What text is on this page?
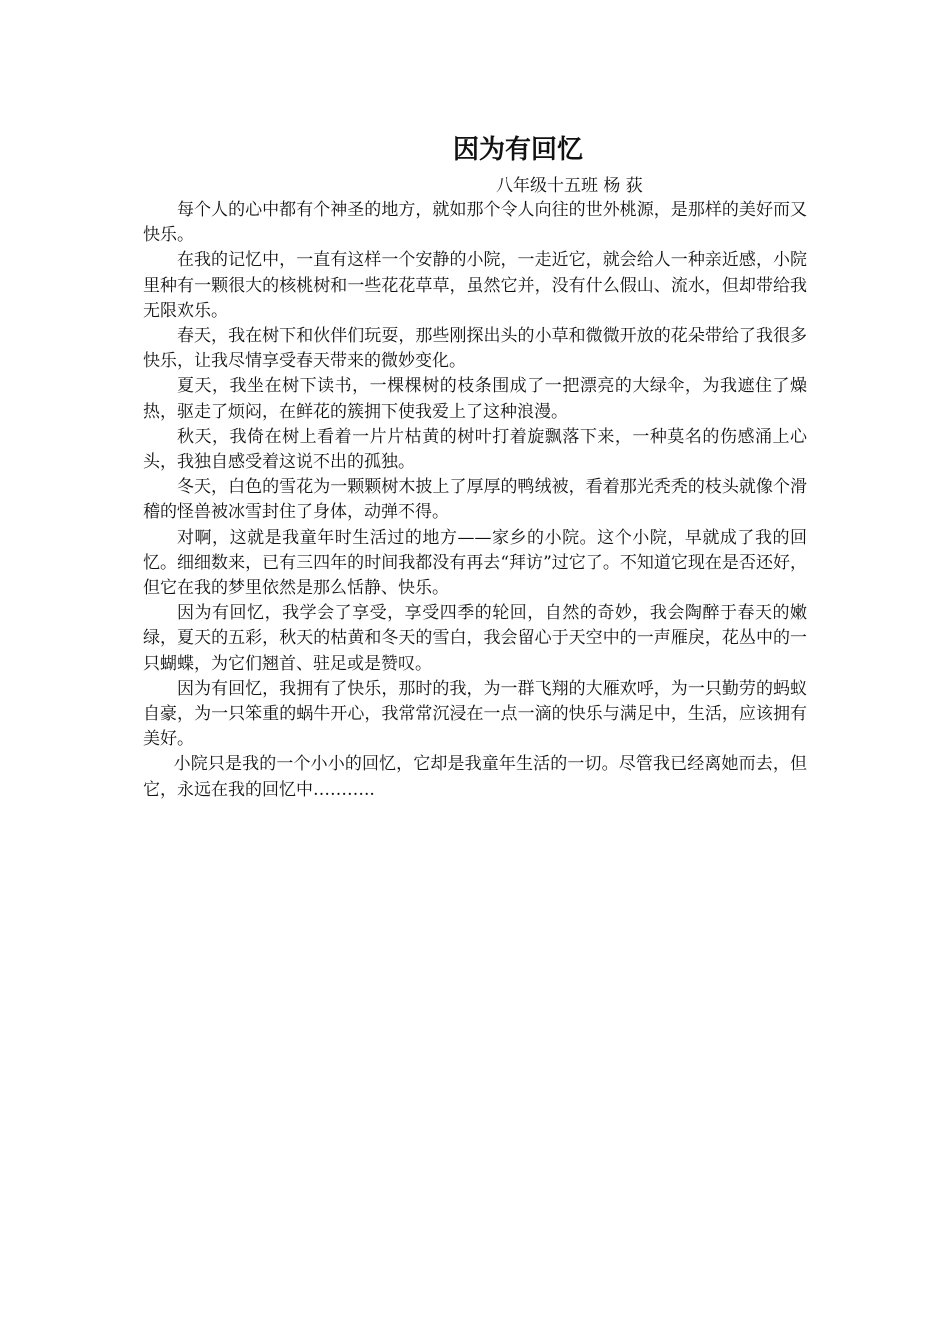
因为有回忆
八年级十五班 杨 荻

每个人的心中都有个神圣的地方，就如那个令人向往的世外桃源，是那样的美好而又快乐。

在我的记忆中，一直有这样一个安静的小院，一走近它，就会给人一种亲近感，小院里种有一颗很大的核桃树和一些花花草草，虽然它并，没有什么假山、流水，但却带给我无限欢乐。

春天，我在树下和伙伴们玩耍，那些刚探出头的小草和微微开放的花朵带给了我很多快乐，让我尽情享受春天带来的微妙变化。

夏天，我坐在树下读书，一棵棵树的枝条围成了一把漂亮的大绿伞，为我遮住了燥热，驱走了烦闷，在鲜花的簇拥下使我爱上了这种浪漫。

秋天，我倚在树上看着一片片枯黄的树叶打着旋飘落下来，一种莫名的伤感涌上心头，我独自感受着这说不出的孤独。

冬天，白色的雪花为一颗颗树木披上了厚厚的鸭绒被，看着那光秃秃的枝头就像个滑稽的怪兽被冰雪封住了身体，动弹不得。

对啊，这就是我童年时生活过的地方——家乡的小院。这个小院，早就成了我的回忆。细细数来，已有三四年的时间我都没有再去“拜访”过它了。不知道它现在是否还好，但它在我的梦里依然是那么恬静、快乐。

因为有回忆，我学会了享受，享受四季的轮回，自然的奇妙，我会陶醉于春天的嫩绿，夏天的五彩，秋天的枯黄和冬天的雪白，我会留心于天空中的一声雁戾，花丛中的一只蝴蝶，为它们翘首、驻足或是赞叹。

因为有回忆，我拥有了快乐，那时的我，为一群飞翔的大雁欢呼，为一只勤劳的蚂蚁自豪，为一只笨重的蜗牛开心，我常常沉浸在一点一滴的快乐与满足中，生活，应该拥有美好。

小院只是我的一个小小的回忆，它却是我童年生活的一切。尽管我已经离她而去，但它，永远在我的回忆中………..
